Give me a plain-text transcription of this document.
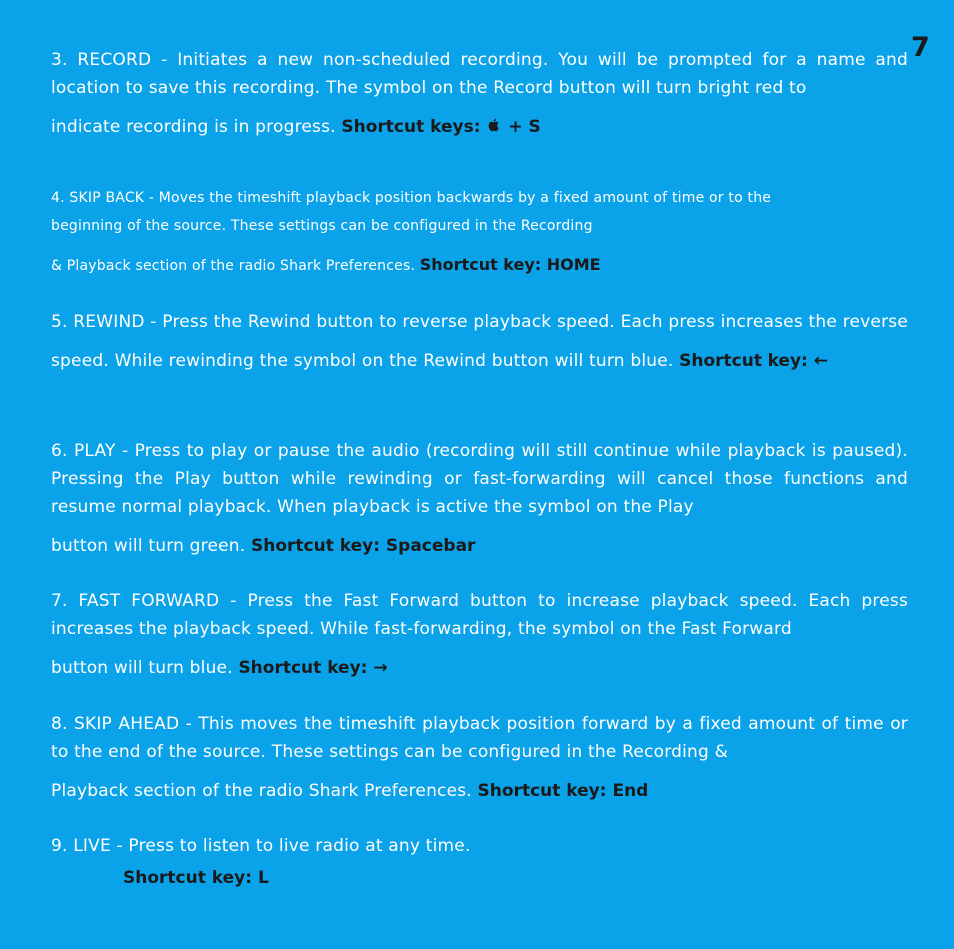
7
3. RECORD - Initiates a new non-scheduled recording. You will be prompted for a name and location to save this recording. The symbol on the Record button will turn bright red to
indicate recording is in progress. Shortcut keys: + S
4. SKIP BACK - Moves the timeshift playback position backwards by a fixed amount of time or to the beginning of the source. These settings can be configured in the Recording
& Playback section of the radio Shark Preferences. Shortcut key: HOME
5. REWIND - Press the Rewind button to reverse playback speed. Each press increases the reverse speed. While rewinding the symbol on the Rewind button will turn blue. Shortcut key: ←
6. PLAY - Press to play or pause the audio (recording will still continue while playback is paused). Pressing the Play button while rewinding or fast-forwarding will cancel those functions and resume normal playback. When playback is active the symbol on the Play
button will turn green. Shortcut key: Spacebar
7. FAST FORWARD - Press the Fast Forward button to increase playback speed. Each press increases the playback speed. While fast-forwarding, the symbol on the Fast Forward
button will turn blue. Shortcut key: →
8. SKIP AHEAD - This moves the timeshift playback position forward by a fixed amount of time or to the end of the source. These settings can be configured in the Recording &
Playback section of the radio Shark Preferences. Shortcut key: End
9. LIVE - Press to listen to live radio at any time.
Shortcut key: L
